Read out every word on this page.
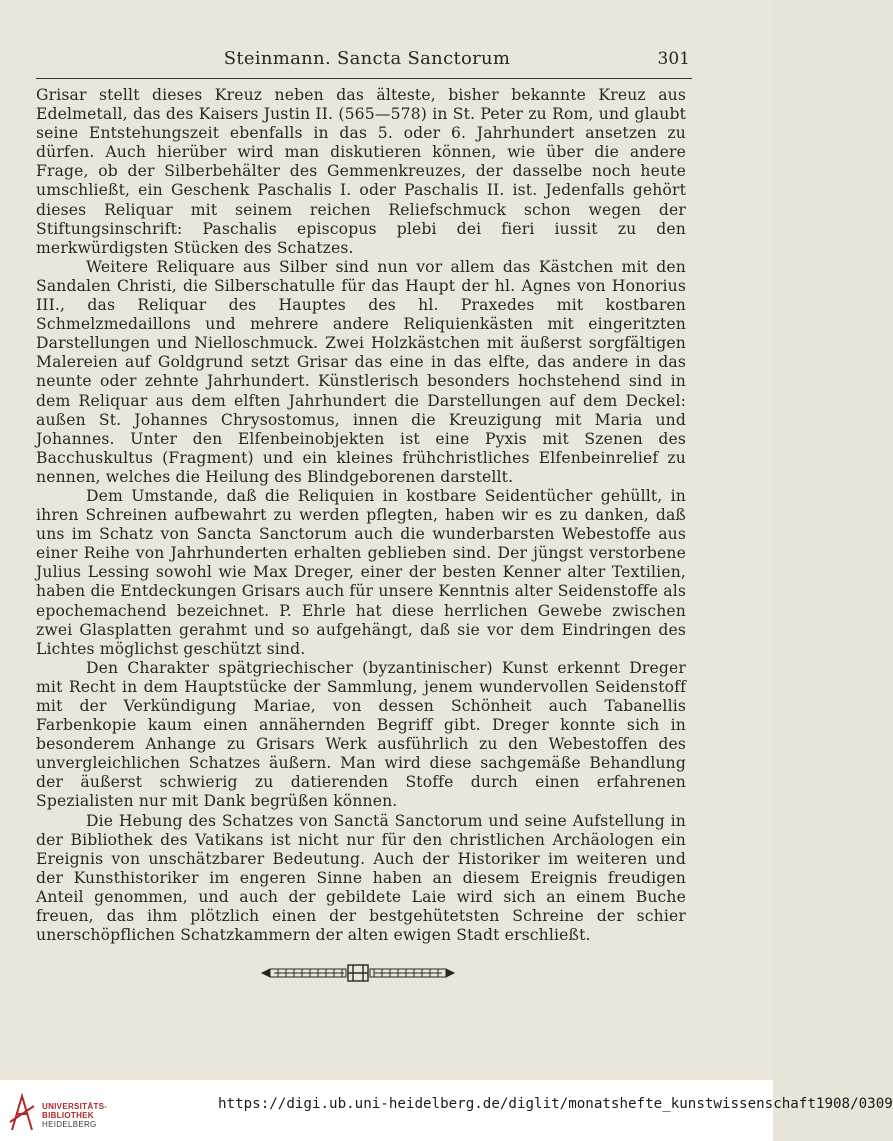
Steinmann. Sancta Sanctorum	301

Grisar stellt dieses Kreuz neben das älteste, bisher bekannte Kreuz aus Edelmetall, das des Kaisers Justin II. (565—578) in St. Peter zu Rom, und glaubt seine Entstehungszeit ebenfalls in das 5. oder 6. Jahrhundert ansetzen zu dürfen. Auch hierüber wird man diskutieren können, wie über die andere Frage, ob der Silberbehälter des Gemmenkreuzes, der dasselbe noch heute umschließt, ein Geschenk Paschalis I. oder Paschalis II. ist. Jedenfalls gehört dieses Reliquar mit seinem reichen Reliefschmuck schon wegen der Stiftungsinschrift: Paschalis episcopus plebi dei fieri iussit zu den merkwürdigsten Stücken des Schatzes.

Weitere Reliquare aus Silber sind nun vor allem das Kästchen mit den Sandalen Christi, die Silberschatulle für das Haupt der hl. Agnes von Honorius III., das Reliquar des Hauptes des hl. Praxedes mit kostbaren Schmelzmedaillons und mehrere andere Reliquienkästen mit eingeritzten Darstellungen und Nielloschmuck. Zwei Holzkästchen mit äußerst sorgfältigen Malereien auf Goldgrund setzt Grisar das eine in das elfte, das andere in das neunte oder zehnte Jahrhundert. Künstlerisch besonders hochstehend sind in dem Reliquar aus dem elften Jahrhundert die Darstellungen auf dem Deckel: außen St. Johannes Chrysostomus, innen die Kreuzigung mit Maria und Johannes. Unter den Elfenbeinobjekten ist eine Pyxis mit Szenen des Bacchuskultus (Fragment) und ein kleines frühchristliches Elfenbeinrelief zu nennen, welches die Heilung des Blindgeborenen darstellt.

Dem Umstande, daß die Reliquien in kostbare Seidentücher gehüllt, in ihren Schreinen aufbewahrt zu werden pflegten, haben wir es zu danken, daß uns im Schatz von Sancta Sanctorum auch die wunderbarsten Webestoffe aus einer Reihe von Jahrhunderten erhalten geblieben sind. Der jüngst verstorbene Julius Lessing sowohl wie Max Dreger, einer der besten Kenner alter Textilien, haben die Entdeckungen Grisars auch für unsere Kenntnis alter Seidenstoffe als epochemachend bezeichnet. P. Ehrle hat diese herrlichen Gewebe zwischen zwei Glasplatten gerahmt und so aufgehängt, daß sie vor dem Eindringen des Lichtes möglichst geschützt sind.

Den Charakter spätgriechischer (byzantinischer) Kunst erkennt Dreger mit Recht in dem Hauptstücke der Sammlung, jenem wundervollen Seidenstoff mit der Verkündigung Mariae, von dessen Schönheit auch Tabanellis Farbenkopie kaum einen annähernden Begriff gibt. Dreger konnte sich in besonderem Anhange zu Grisars Werk ausführlich zu den Webestoffen des unvergleichlichen Schatzes äußern. Man wird diese sachgemäße Behandlung der äußerst schwierig zu datierenden Stoffe durch einen erfahrenen Spezialisten nur mit Dank begrüßen können.

Die Hebung des Schatzes von Sanctä Sanctorum und seine Aufstellung in der Bibliothek des Vatikans ist nicht nur für den christlichen Archäologen ein Ereignis von unschätzbarer Bedeutung. Auch der Historiker im weiteren und der Kunsthistoriker im engeren Sinne haben an diesem Ereignis freudigen Anteil genommen, und auch der gebildete Laie wird sich an einem Buche freuen, das ihm plötzlich einen der bestgehütetsten Schreine der schier unerschöpflichen Schatzkammern der alten ewigen Stadt erschließt.

UNIVERSITÄTS-
BIBLIOTHEK
HEIDELBERG
https://digi.ub.uni-heidelberg.de/diglit/monatshefte_kunstwissenschaft1908/0309
